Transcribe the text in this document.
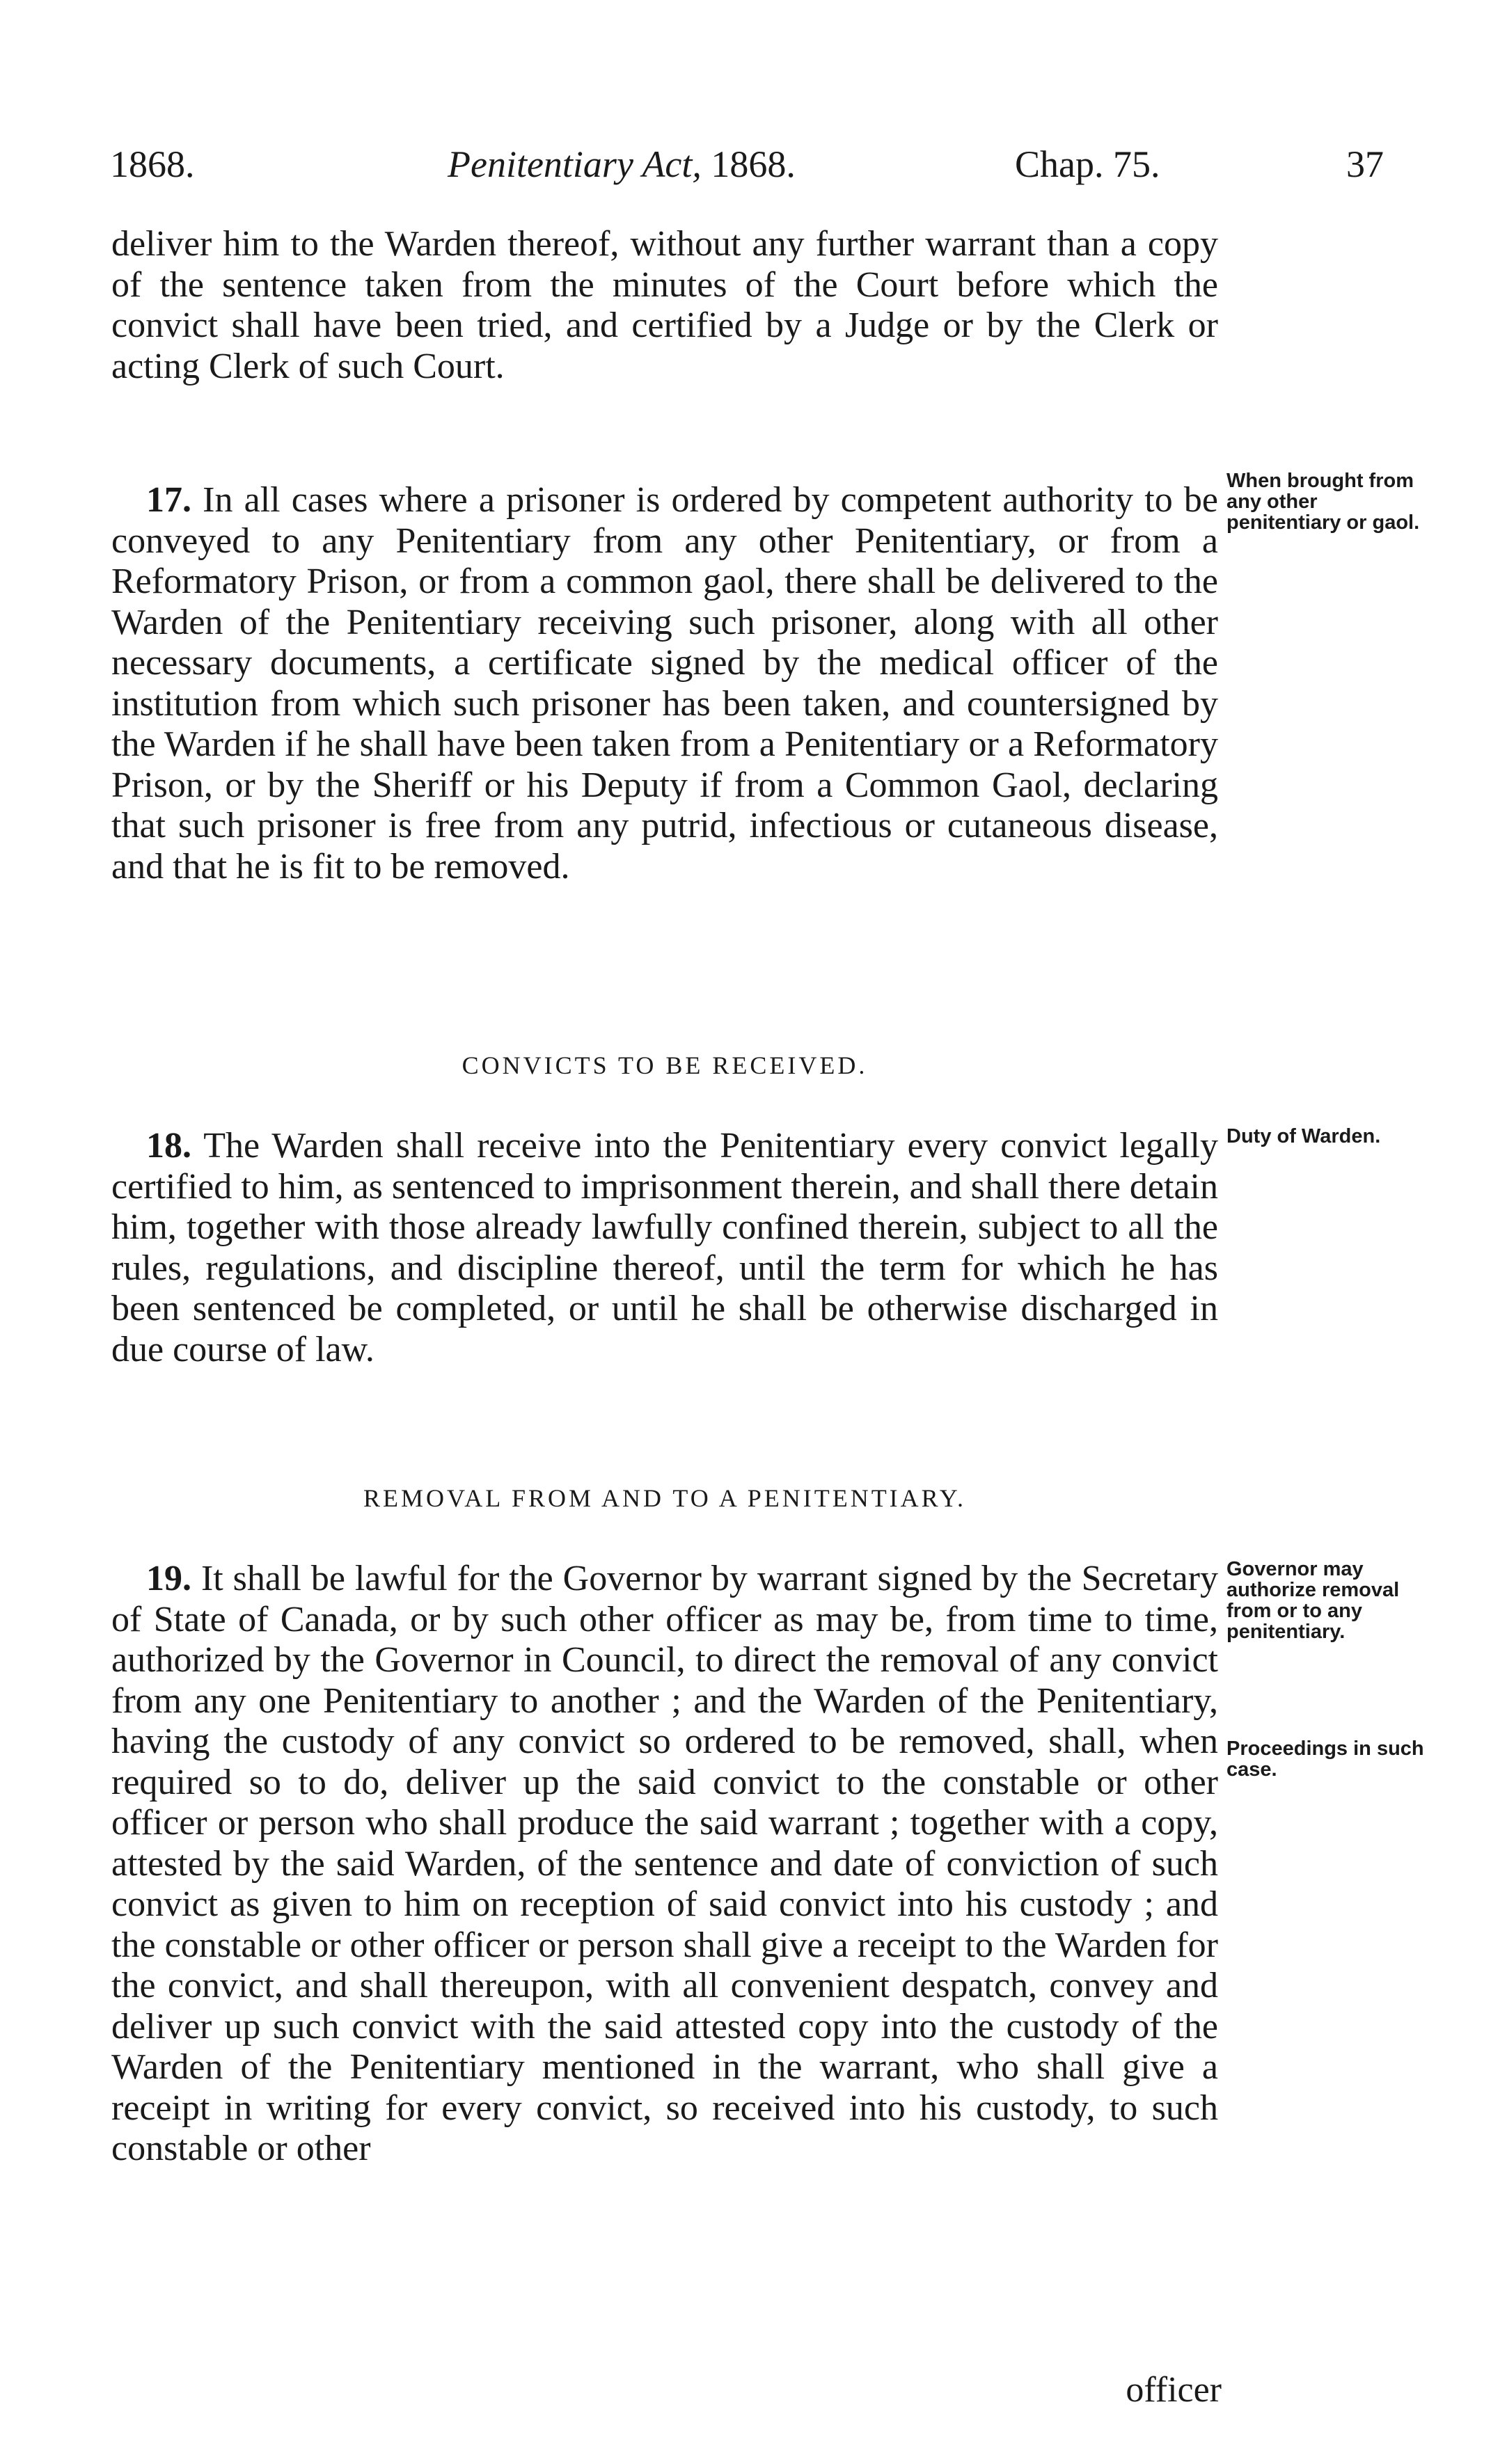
1868.	Penitentiary Act, 1868.	Chap. 75.	37

deliver him to the Warden thereof, without any further warrant than a copy of the sentence taken from the minutes of the Court before which the convict shall have been tried, and certified by a Judge or by the Clerk or acting Clerk of such Court.

17. In all cases where a prisoner is ordered by competent authority to be conveyed to any Penitentiary from any other Penitentiary, or from a Reformatory Prison, or from a common gaol, there shall be delivered to the Warden of the Penitentiary receiving such prisoner, along with all other necessary documents, a certificate signed by the medical officer of the institution from which such prisoner has been taken, and countersigned by the Warden if he shall have been taken from a Penitentiary or a Reformatory Prison, or by the Sheriff or his Deputy if from a Common Gaol, declaring that such prisoner is free from any putrid, infectious or cutaneous disease, and that he is fit to be removed.

When brought from any other penitentiary or gaol.
CONVICTS TO BE RECEIVED.

18. The Warden shall receive into the Penitentiary every convict legally certified to him, as sentenced to imprisonment therein, and shall there detain him, together with those already lawfully confined therein, subject to all the rules, regulations, and discipline thereof, until the term for which he has been sentenced be completed, or until he shall be otherwise discharged in due course of law.

Duty of Warden.
REMOVAL FROM AND TO A PENITENTIARY.

19. It shall be lawful for the Governor by warrant signed by the Secretary of State of Canada, or by such other officer as may be, from time to time, authorized by the Governor in Council, to direct the removal of any convict from any one Penitentiary to another ; and the Warden of the Penitentiary, having the custody of any convict so ordered to be removed, shall, when required so to do, deliver up the said convict to the constable or other officer or person who shall produce the said warrant ; together with a copy, attested by the said Warden, of the sentence and date of conviction of such convict as given to him on reception of said convict into his custody ; and the constable or other officer or person shall give a receipt to the Warden for the convict, and shall thereupon, with all convenient despatch, convey and deliver up such convict with the said attested copy into the custody of the Warden of the Penitentiary mentioned in the warrant, who shall give a receipt in writing for every convict, so received into his custody, to such constable or other

Governor may authorize removal from or to any penitentiary.
Proceedings in such case.
officer
